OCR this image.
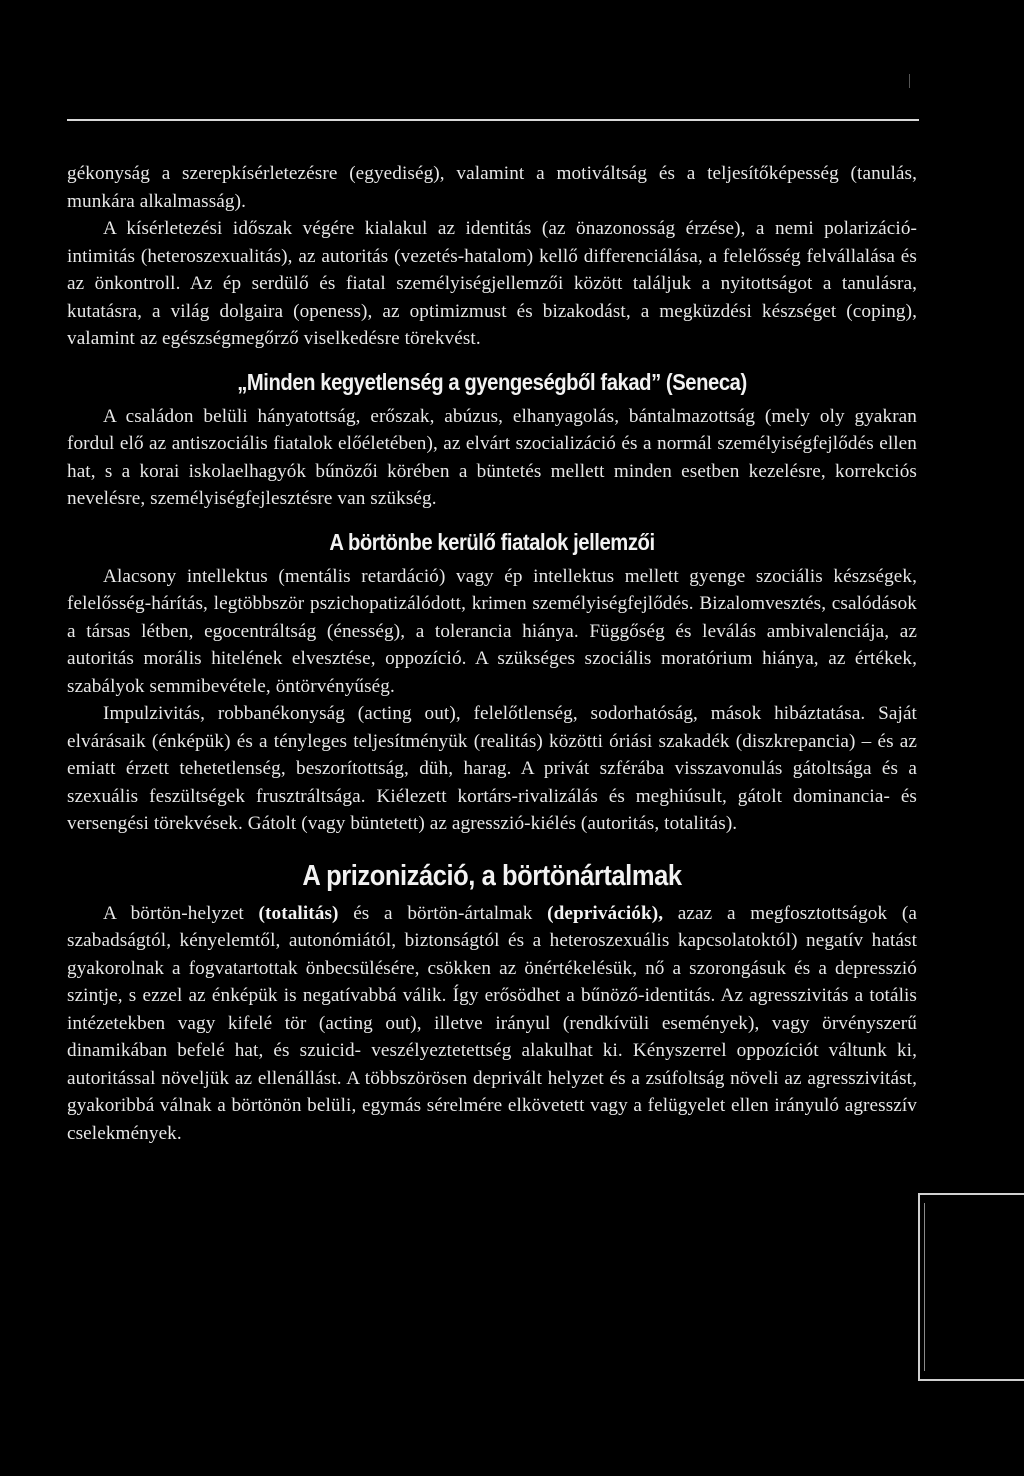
gékonyság a szerepkísérletezésre (egyediség), valamint a motiváltság és a teljesítőképesség (tanulás, munkára alkalmasság).

A kísérletezési időszak végére kialakul az identitás (az önazonosság érzése), a nemi polarizáció-intimitás (heteroszexualitás), az autoritás (vezetés-hatalom) kellő differenciálása, a felelősség felvállalása és az önkontroll. Az ép serdülő és fiatal személyiségjellemzői között találjuk a nyitottságot a tanulásra, kutatásra, a világ dolgaira (openess), az optimizmust és bizakodást, a megküzdési készséget (coping), valamint az egészségmegőrző viselkedésre törekvést.

„Minden kegyetlenség a gyengeségből fakad” (Seneca)

A családon belüli hányatottság, erőszak, abúzus, elhanyagolás, bántalmazottság (mely oly gyakran fordul elő az antiszociális fiatalok előéletében), az elvárt szocializáció és a normál személyiségfejlődés ellen hat, s a korai iskolaelhagyók bűnözői körében a büntetés mellett minden esetben kezelésre, korrekciós nevelésre, személyiségfejlesztésre van szükség.

A börtönbe kerülő fiatalok jellemzői

Alacsony intellektus (mentális retardáció) vagy ép intellektus mellett gyenge szociális készségek, felelősség-hárítás, legtöbbször pszichopatizálódott, krimen személyiségfejlődés. Bizalomvesztés, csalódások a társas létben, egocentráltság (énesség), a tolerancia hiánya. Függőség és leválás ambivalenciája, az autoritás morális hitelének elvesztése, oppozíció. A szükséges szociális moratórium hiánya, az értékek, szabályok semmibevétele, öntörvényűség.

Impulzivitás, robbanékonyság (acting out), felelőtlenség, sodorhatóság, mások hibáztatása. Saját elvárásaik (énképük) és a tényleges teljesítményük (realitás) közötti óriási szakadék (diszkrepancia) – és az emiatt érzett tehetetlenség, beszorítottság, düh, harag. A privát szférába visszavonulás gátoltsága és a szexuális feszültségek frusztráltsága. Kiélezett kortárs-rivalizálás és meghiúsult, gátolt dominancia- és versengési törekvések. Gátolt (vagy büntetett) az agresszió-kiélés (autoritás, totalitás).

A prizonizáció, a börtönártalmak

A börtön-helyzet (totalitás) és a börtön-ártalmak (deprivációk), azaz a megfosztottságok (a szabadságtól, kényelemtől, autonómiától, biztonságtól és a heteroszexuális kapcsolatoktól) negatív hatást gyakorolnak a fogvatartottak önbecsülésére, csökken az önértékelésük, nő a szorongásuk és a depresszió szintje, s ezzel az énképük is negatívabbá válik. Így erősödhet a bűnöző-identitás. Az agresszivitás a totális intézetekben vagy kifelé tör (acting out), illetve irányul (rendkívüli események), vagy örvényszerű dinamikában befelé hat, és szuicid- veszélyeztetettség alakulhat ki. Kényszerrel oppozíciót váltunk ki, autoritással növeljük az ellenállást. A többszörösen deprivált helyzet és a zsúfoltság növeli az agresszivitást, gyakoribbá válnak a börtönön belüli, egymás sérelmére elkövetett vagy a felügyelet ellen irányuló agresszív cselekmények.
